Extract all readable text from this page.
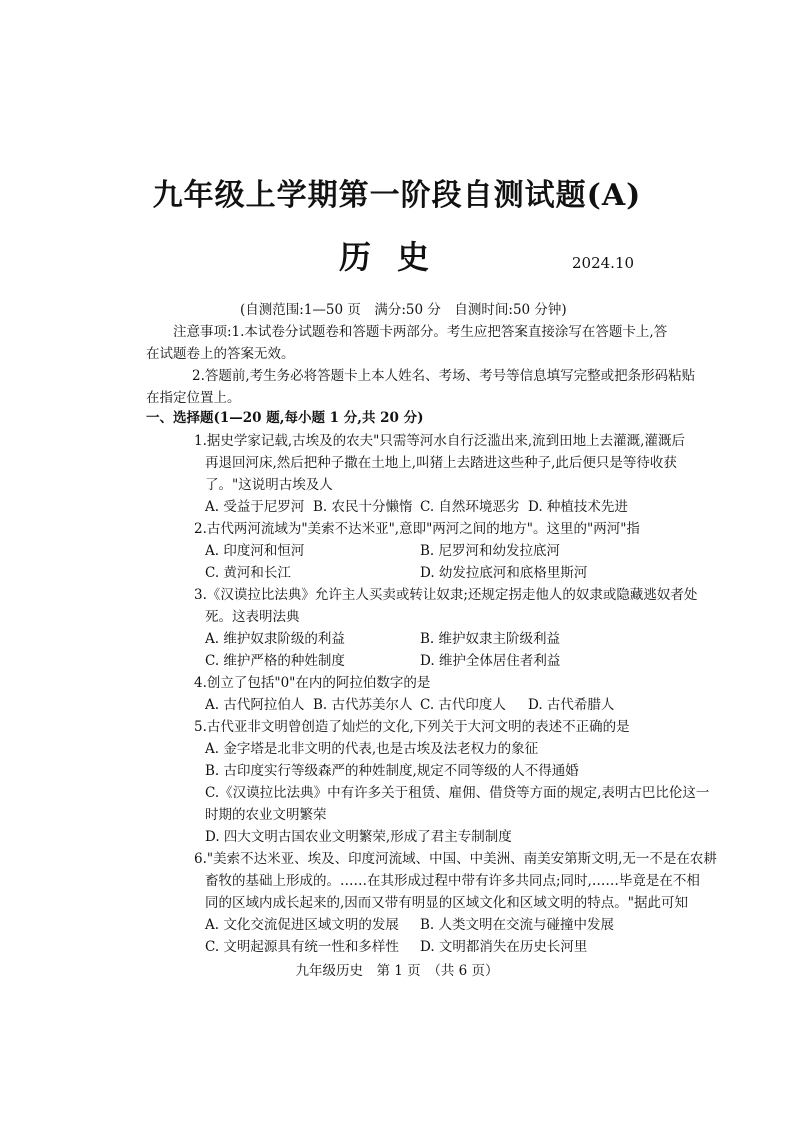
九年级上学期第一阶段自测试题(A)
历史	2024.10
(自测范围:1—50 页　满分:50 分　自测时间:50 分钟)
注意事项:1.本试卷分试题卷和答题卡两部分。考生应把答案直接涂写在答题卡上,答
在试题卷上的答案无效。
2.答题前,考生务必将答题卡上本人姓名、考场、考号等信息填写完整或把条形码粘贴
在指定位置上。
一、选择题(1—20 题,每小题 1 分,共 20 分)
1.据史学家记载,古埃及的农夫"只需等河水自行泛滥出来,流到田地上去灌溉,灌溉后
再退回河床,然后把种子撒在土地上,叫猪上去踏进这些种子,此后便只是等待收获
了。"这说明古埃及人
A. 受益于尼罗河 B. 农民十分懒惰 C. 自然环境恶劣 D. 种植技术先进
2.古代两河流域为"美索不达米亚",意即"两河之间的地方"。这里的"两河"指
A. 印度河和恒河	B. 尼罗河和幼发拉底河
C. 黄河和长江	D. 幼发拉底河和底格里斯河
3.《汉谟拉比法典》允许主人买卖或转让奴隶;还规定拐走他人的奴隶或隐藏逃奴者处
死。这表明法典
A. 维护奴隶阶级的利益	B. 维护奴隶主阶级利益
C. 维护严格的种姓制度	D. 维护全体居住者利益
4.创立了包括"0"在内的阿拉伯数字的是
A. 古代阿拉伯人 B. 古代苏美尔人 C. 古代印度人 D. 古代希腊人
5.古代亚非文明曾创造了灿烂的文化,下列关于大河文明的表述不正确的是
A. 金字塔是北非文明的代表,也是古埃及法老权力的象征
B. 古印度实行等级森严的种姓制度,规定不同等级的人不得通婚
C.《汉谟拉比法典》中有许多关于租赁、雇佣、借贷等方面的规定,表明古巴比伦这一
时期的农业文明繁荣
D. 四大文明古国农业文明繁荣,形成了君主专制制度
6."美索不达米亚、埃及、印度河流域、中国、中美洲、南美安第斯文明,无一不是在农耕
畜牧的基础上形成的。……在其形成过程中带有许多共同点;同时,……毕竟是在不相
同的区域内成长起来的,因而又带有明显的区域文化和区域文明的特点。"据此可知
A. 文化交流促进区域文明的发展 B. 人类文明在交流与碰撞中发展
C. 文明起源具有统一性和多样性 D. 文明都消失在历史长河里
九年级历史　第 1 页　（共 6 页）
